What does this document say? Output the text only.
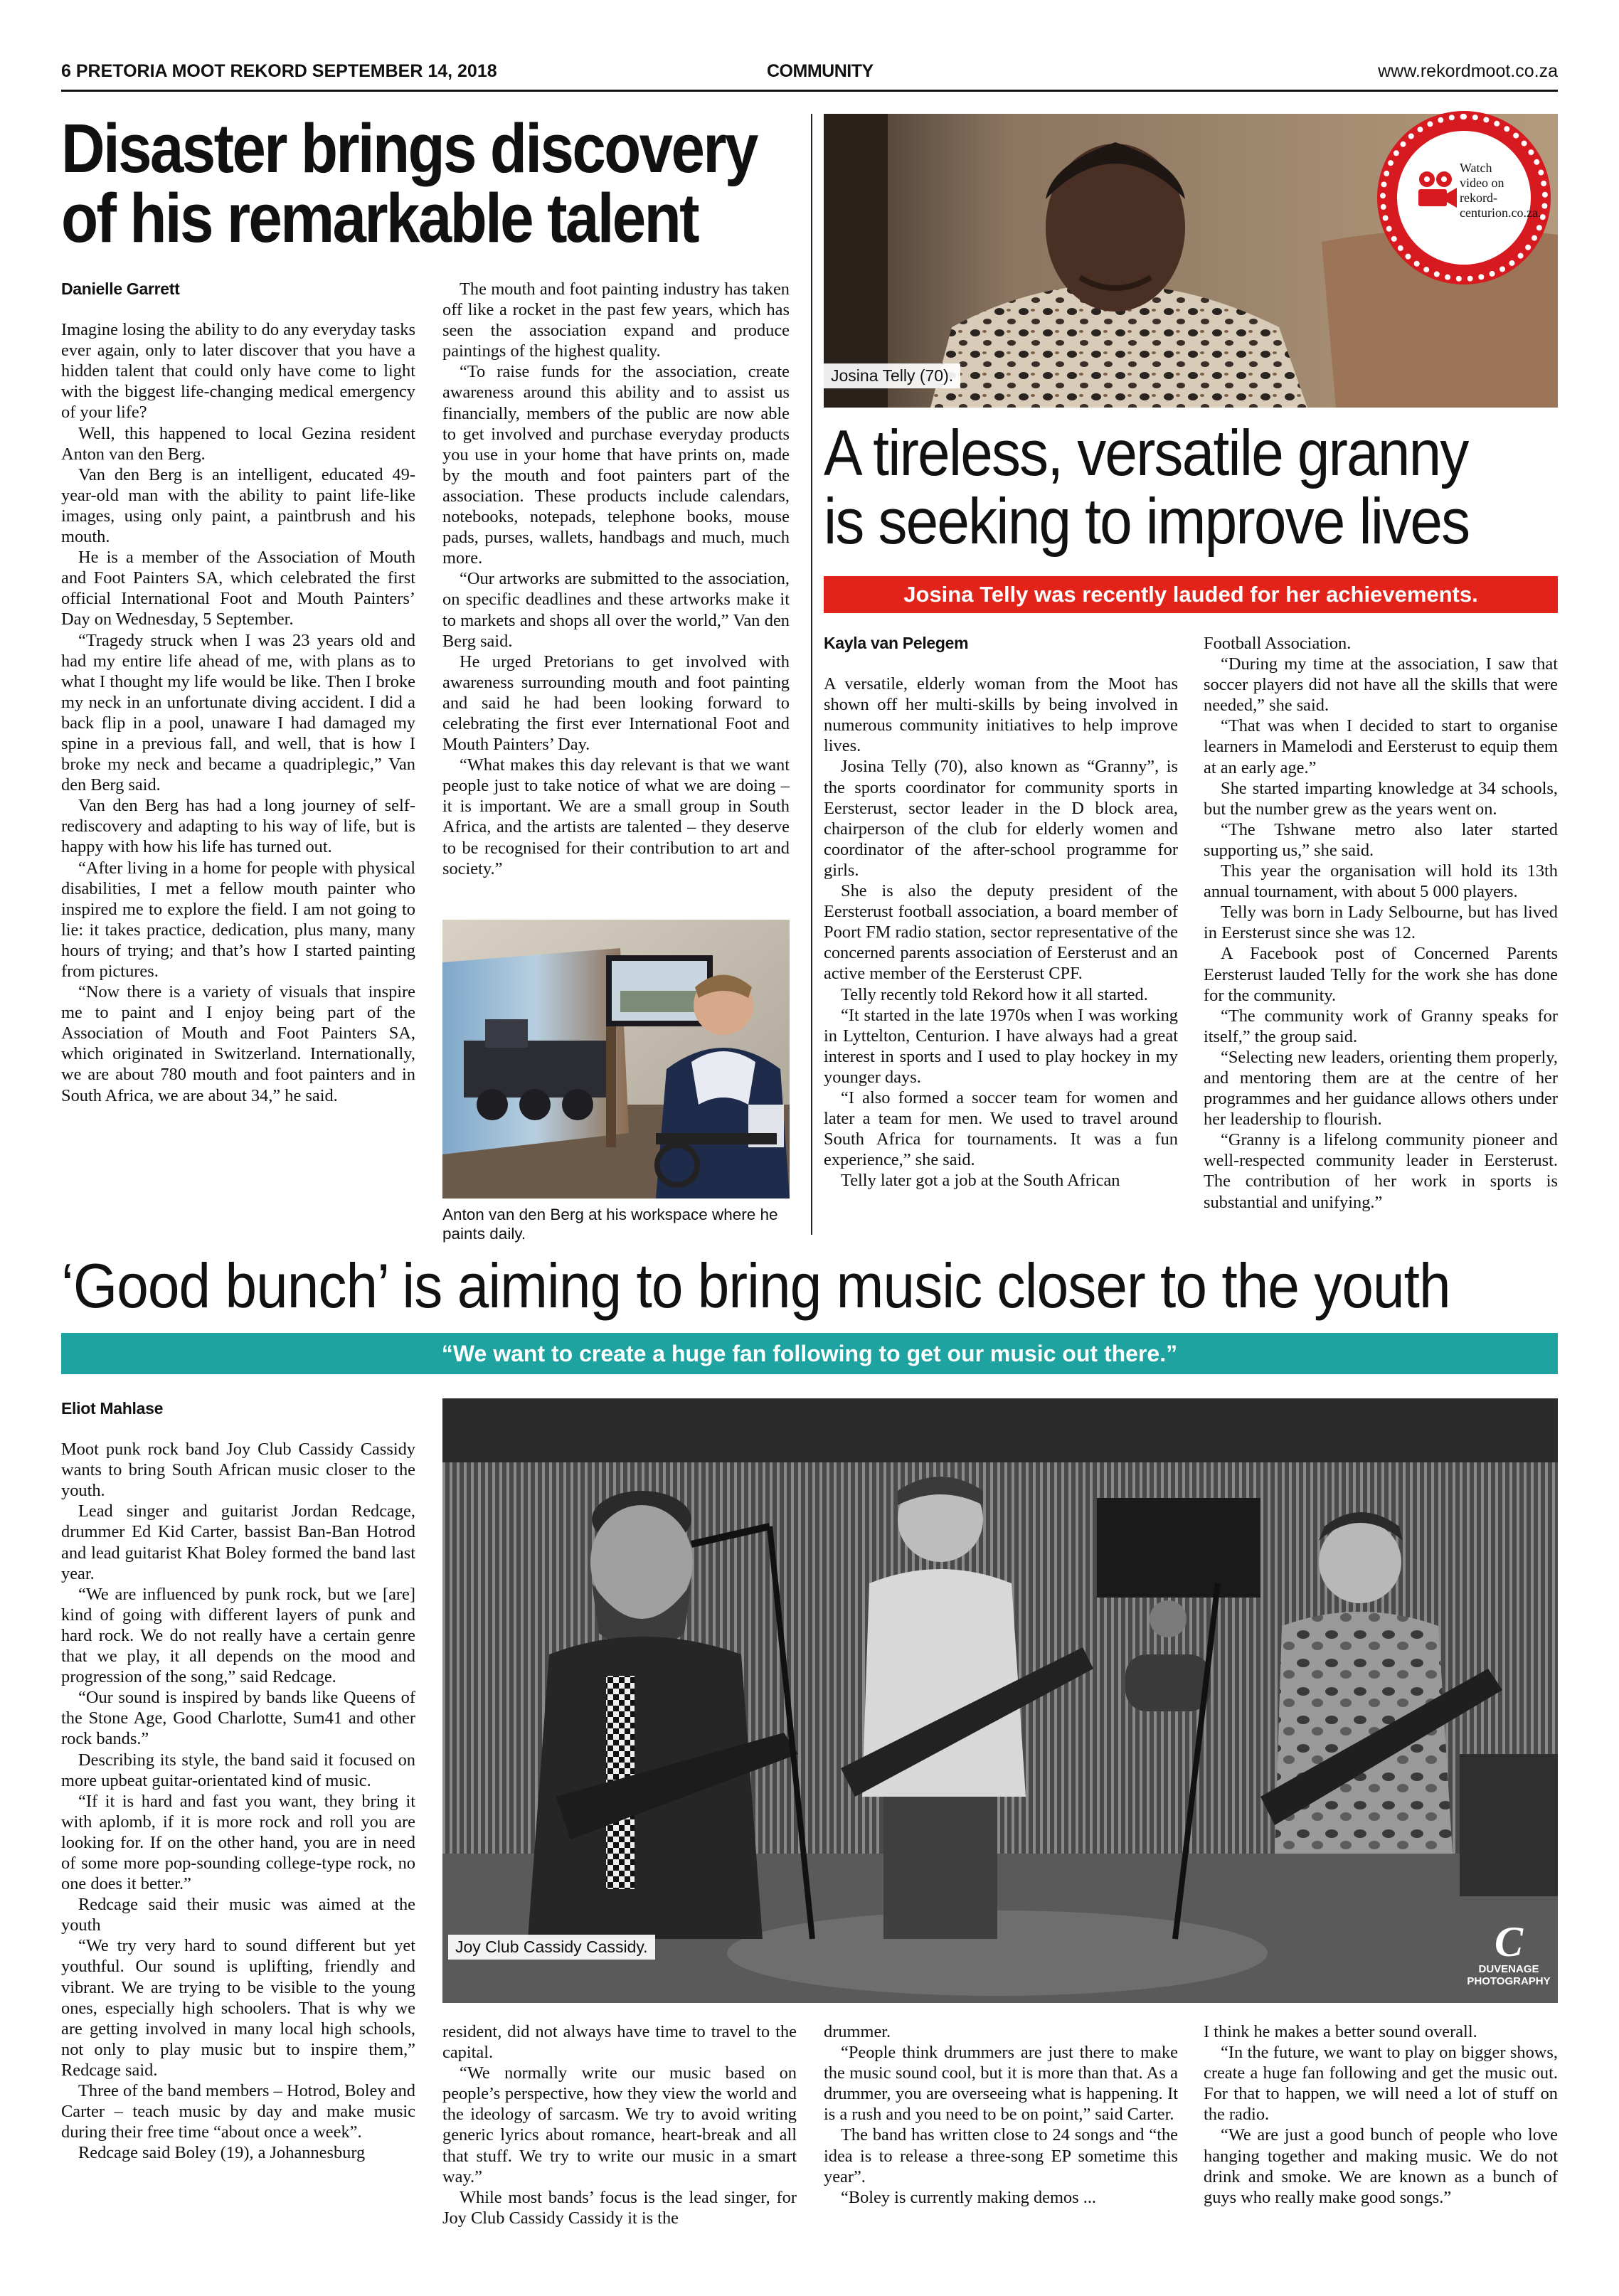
6 PRETORIA MOOT REKORD SEPTEMBER 14, 2018	COMMUNITY	www.rekordmoot.co.za
Disaster brings discovery
of his remarkable talent
Danielle Garrett

Imagine losing the ability to do any everyday tasks ever again, only to later discover that you have a hidden talent that could only have come to light with the biggest life-changing medical emergency of your life?

Well, this happened to local Gezina resident Anton van den Berg.

Van den Berg is an intelligent, educated 49-year-old man with the ability to paint life-like images, using only paint, a paintbrush and his mouth.

He is a member of the Association of Mouth and Foot Painters SA, which celebrated the first official International Foot and Mouth Painters’ Day on Wednesday, 5 September.

“Tragedy struck when I was 23 years old and had my entire life ahead of me, with plans as to what I thought my life would be like. Then I broke my neck in an unfortunate diving accident. I did a back flip in a pool, unaware I had damaged my spine in a previous fall, and well, that is how I broke my neck and became a quadriplegic,” Van den Berg said.

Van den Berg has had a long journey of self-rediscovery and adapting to his way of life, but is happy with how his life has turned out.

“After living in a home for people with physical disabilities, I met a fellow mouth painter who inspired me to explore the field. I am not going to lie: it takes practice, dedication, plus many, many hours of trying; and that’s how I started painting from pictures.

“Now there is a variety of visuals that inspire me to paint and I enjoy being part of the Association of Mouth and Foot Painters SA, which originated in Switzerland. Internationally, we are about 780 mouth and foot painters and in South Africa, we are about 34,” he said.

The mouth and foot painting industry has taken off like a rocket in the past few years, which has seen the association expand and produce paintings of the highest quality.

“To raise funds for the association, create awareness around this ability and to assist us financially, members of the public are now able to get involved and purchase everyday products you use in your home that have prints on, made by the mouth and foot painters part of the association. These products include calendars, notebooks, notepads, telephone books, mouse pads, purses, wallets, handbags and much, much more.

“Our artworks are submitted to the association, on specific deadlines and these artworks make it to markets and shops all over the world,” Van den Berg said.

He urged Pretorians to get involved with awareness surrounding mouth and foot painting and said he had been looking forward to celebrating the first ever International Foot and Mouth Painters’ Day.

“What makes this day relevant is that we want people just to take notice of what we are doing – it is important. We are a small group in South Africa, and the artists are talented – they deserve to be recognised for their contribution to art and society.”

Anton van den Berg at his workspace where he paints daily.
Josina Telly (70).
Watch video on rekord-centurion.co.za.
A tireless, versatile granny
is seeking to improve lives
Josina Telly was recently lauded for her achievements.
Kayla van Pelegem

A versatile, elderly woman from the Moot has shown off her multi-skills by being involved in numerous community initiatives to help improve lives.

Josina Telly (70), also known as “Granny”, is the sports coordinator for community sports in Eersterust, sector leader in the D block area, chairperson of the club for elderly women and coordinator of the after-school programme for girls.

She is also the deputy president of the Eersterust football association, a board member of Poort FM radio station, sector representative of the concerned parents association of Eersterust and an active member of the Eersterust CPF.

Telly recently told Rekord how it all started.

“It started in the late 1970s when I was working in Lyttelton, Centurion. I have always had a great interest in sports and I used to play hockey in my younger days.

“I also formed a soccer team for women and later a team for men. We used to travel around South Africa for tournaments. It was a fun experience,” she said.

Telly later got a job at the South African

Football Association.

“During my time at the association, I saw that soccer players did not have all the skills that were needed,” she said.

“That was when I decided to start to organise learners in Mamelodi and Eersterust to equip them at an early age.”

She started imparting knowledge at 34 schools, but the number grew as the years went on.

“The Tshwane metro also later started supporting us,” she said.

This year the organisation will hold its 13th annual tournament, with about 5 000 players.

Telly was born in Lady Selbourne, but has lived in Eersterust since she was 12.

A Facebook post of Concerned Parents Eersterust lauded Telly for the work she has done for the community.

“The community work of Granny speaks for itself,” the group said.

“Selecting new leaders, orienting them properly, and mentoring them are at the centre of her programmes and her guidance allows others under her leadership to flourish.

“Granny is a lifelong community pioneer and well-respected community leader in Eersterust. The contribution of her work in sports is substantial and unifying.”

‘Good bunch’ is aiming to bring music closer to the youth
“We want to create a huge fan following to get our music out there.”
Eliot Mahlase

Moot punk rock band Joy Club Cassidy Cassidy wants to bring South African music closer to the youth.

Lead singer and guitarist Jordan Redcage, drummer Ed Kid Carter, bassist Ban-Ban Hotrod and lead guitarist Khat Boley formed the band last year.

“We are influenced by punk rock, but we [are] kind of going with different layers of punk and hard rock. We do not really have a certain genre that we play, it all depends on the mood and progression of the song,” said Redcage.

“Our sound is inspired by bands like Queens of the Stone Age, Good Charlotte, Sum41 and other rock bands.”

Describing its style, the band said it focused on more upbeat guitar-orientated kind of music.

“If it is hard and fast you want, they bring it with aplomb, if it is more rock and roll you are looking for. If on the other hand, you are in need of some more pop-sounding college-type rock, no one does it better.”

Redcage said their music was aimed at the youth

“We try very hard to sound different but yet youthful. Our sound is uplifting, friendly and vibrant. We are trying to be visible to the young ones, especially high schoolers. That is why we are getting involved in many local high schools, not only to play music but to inspire them,” Redcage said.

Three of the band members – Hotrod, Boley and Carter – teach music by day and make music during their free time “about once a week”.

Redcage said Boley (19), a Johannesburg

Joy Club Cassidy Cassidy.	C
DUVENAGE PHOTOGRAPHY

resident, did not always have time to travel to the capital.

“We normally write our music based on people’s perspective, how they view the world and the ideology of sarcasm. We try to avoid writing generic lyrics about romance, heart-break and all that stuff. We try to write our music in a smart way.”

While most bands’ focus is the lead singer, for Joy Club Cassidy Cassidy it is the

drummer.

“People think drummers are just there to make the music sound cool, but it is more than that. As a drummer, you are overseeing what is happening. It is a rush and you need to be on point,” said Carter.

The band has written close to 24 songs and “the idea is to release a three-song EP sometime this year”.

“Boley is currently making demos ...

I think he makes a better sound overall.

“In the future, we want to play on bigger shows, create a huge fan following and get the music out. For that to happen, we will need a lot of stuff on the radio.

“We are just a good bunch of people who love hanging together and making music. We do not drink and smoke. We are known as a bunch of guys who really make good songs.”
